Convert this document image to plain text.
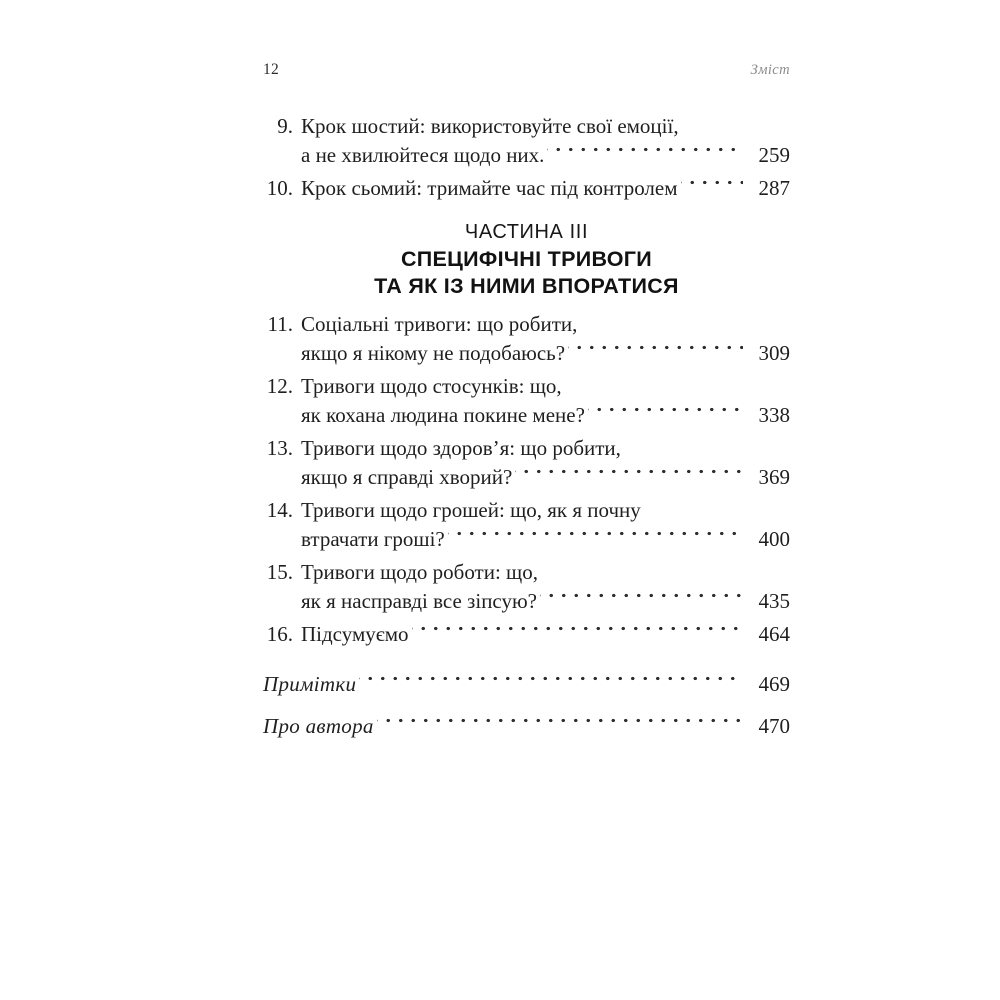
12	Зміст
9. Крок шостий: використовуйте свої емоції,
а не хвилюйтеся щодо них.	259
10. Крок сьомий: тримайте час під контролем	287
ЧАСТИНА III
СПЕЦИФІЧНІ ТРИВОГИ
ТА ЯК ІЗ НИМИ ВПОРАТИСЯ
11. Соціальні тривоги: що робити,
якщо я нікому не подобаюсь?	309
12. Тривоги щодо стосунків: що,
як кохана людина покине мене?	338
13. Тривоги щодо здоров’я: що робити,
якщо я справді хворий?	369
14. Тривоги щодо грошей: що, як я почну
втрачати гроші?	400
15. Тривоги щодо роботи: що,
як я насправді все зіпсую?	435
16. Підсумуємо	464
Примітки	469
Про автора	470
